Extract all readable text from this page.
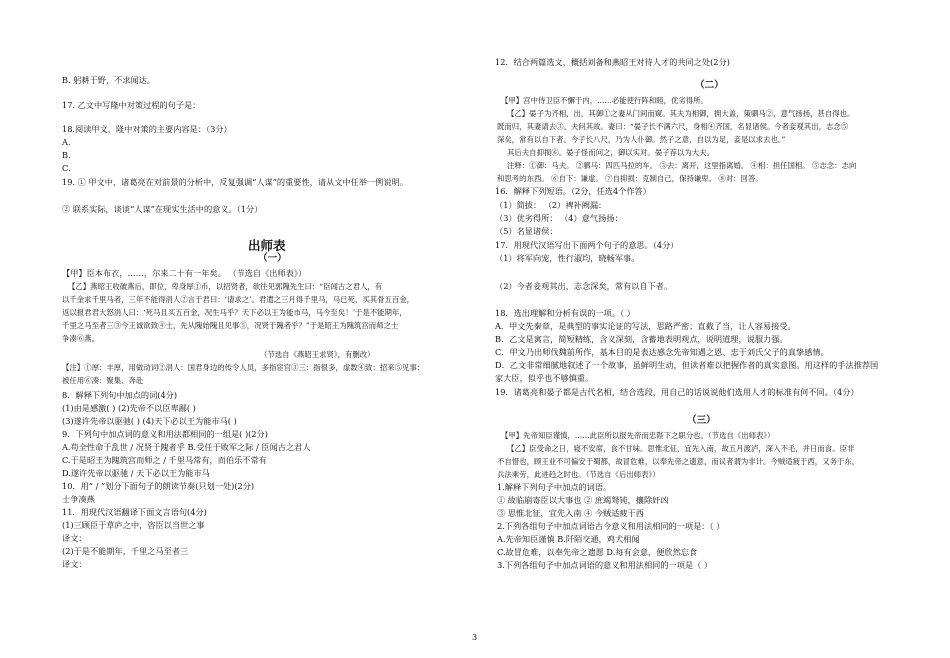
B. 躬耕于野，不求闻达。
17. 乙文中写隆中对策过程的句子是：
18.阅读甲文，隆中对策的主要内容是：（3分）
A.
B.
C.
19. ① 甲文中，诸葛亮在对前景的分析中，反复强调“人谋”的重要性，请从文中任举一例说明。
② 联系实际，谈谈“人谋”在现实生活中的意义。（1分）
出师表
（一）
【甲】臣本布衣，……，尔来二十有一年矣。 （节选自《出师表》）
【乙】燕昭王收破燕后，即位，卑身厚①币，以招贤者，欲往见郭隗先生曰：“臣闻古之君人，有
以千金求千里马者，三年不能得涓人②言于君曰：‘请求之’。君遣之三月得千里马，马已死，买其骨五百金，
返以报君君大怒涓人曰：‘死马且买五百金，况生马乎？天下必以王为能市马，马今至矣！’于是不能期年，
千里之马至者三③今王诚欲致④士，先从隗始隗且见事⑤，况贤于隗者乎？”于是昭王为隗筑宫而师之士
争凑⑥燕。
（节选自《燕昭王求贤》，有删改）
【注】①厚：丰厚，用做动词②涓人：国君身边的传令人员，多指宦官③三：指很多，虚数④致：招来⑤见事：
被任用⑥凑：聚集、奔赴
8．解释下列句中加点的词(4分)
(1)由是感激( ) (2)先帝不以臣卑鄙( )
(3)遂许先帝以驱驰( ) (4)天下必以王为能市马( )
9．下列句中加点词的意义和用法都相同的一组是( )(2分)
A.苟全性命于乱世 / 况贤于隗者乎 B.受任于败军之际 / 臣闻古之君人
C.于是昭王为隗筑宫而师之 / 千里马常有，而伯乐不常有
D.遂许先帝以驱驰 / 天下必以王为能市马
10．用“ / ”划分下面句子的朗读节奏(只划一处)(2分)
士争凑燕
11．用现代汉语翻译下面文言语句(4分)
(1)三顾臣于草庐之中，咨臣以当世之事
译文：
(2)于是不能期年，千里之马至者三
译文：
12．结合两篇选文，概括刘备和燕昭王对待人才的共同之处(2分)
（二）
【甲】宫中侍卫臣不懈于内，……必能使行阵和睦，优劣得所。
【乙】晏子为齐相，出，其御①之妻从门间而窥。其夫为相御，拥大盖，策驷马②，意气扬扬，甚自得也。
既而归，其妻请去③。夫问其故。妻曰：“晏子长不满六尺，身相④齐国，名显诸侯。今者妾观其出，志念⑤
深矣，常有以自下者。今子长八尺，乃为人仆御。然子之意，自以为足，妾是以求去也。”
其后夫自抑损⑥。晏子怪而问之，御以实对。晏子荐以为大夫。
注释：①御：马夫。 ②驷马：四匹马拉的车。 ③去：离开，这里指离婚。 ④相：担任国相。 ⑤志念：志向
和思考的东西。 ⑥自下：谦虚。 ⑦自抑损：克制自己，保持谦卑。 ⑧对：回答。
16．解释下列短语。（2分，任选4个作答）
（1）简拔： （2）裨补阙漏：
（3）优劣得所： （4）意气扬扬：
（5）名显诸侯：
17．用现代汉语写出下面两个句子的意思。（4分）
（1）将军向宠，性行淑均，晓畅军事。
（2）今者妾观其出，志念深矣，常有以自下者。
18．选出理解和分析有误的一项。（ ）
A．甲文先秦章，是典型的事实论证的写法，思路严密；直截了当，让人容易接受。
B．乙文是寓言，简短精练，含义深刻，含蓄地表明观点，说明道理，说服力强。
C．甲文乃出师伐魏前所作，基本目的是表达感念先帝知遇之恩、忠于刘氏父子的真挚感情。
D．乙文非常细腻地叙述了一个故事，虽鲜明生动，但读者难以把握作者的真实意图。用这样的手法推荐国
家大臣，似乎也不够慎重。
19．诸葛亮和晏子都是古代名相，结合选段，用自己的话说说他们选用人才的标准有何不同。（4分）
（三）
【甲】先帝知臣谨慎，……此臣所以报先帝而忠陛下之职分也。（节选自《出师表》）
【乙】臣受命之日，寝不安席，食不甘味。思惟北征，宜先入南，故五月渡泸，深入不毛，并日而食。臣非
不自惜也，顾王业不可偏安于蜀都，故冒危难，以奉先帝之遗意，而议者谓为非计。今贼适疲于西，又务于东，
兵法乘劳，此进趋之时也。（节选自《后出师表》）
1.解释下列句子中加点的词语。
① 故临崩寄臣以大事也 ② 庶竭驽钝，攘除奸凶
③ 思惟北征，宜先入南 ④ 今贼适疲于西
2.下列各组句子中加点词语古今意义和用法相同的一项是：（ ）
A.先帝知臣谨慎 B.阡陌交通，鸡犬相闻
C.故冒危难，以奉先帝之遗愿 D.每有会意，便欣然忘食
3.下列各组句子中加点词语的意义和用法相同的一项是（ ）
3
